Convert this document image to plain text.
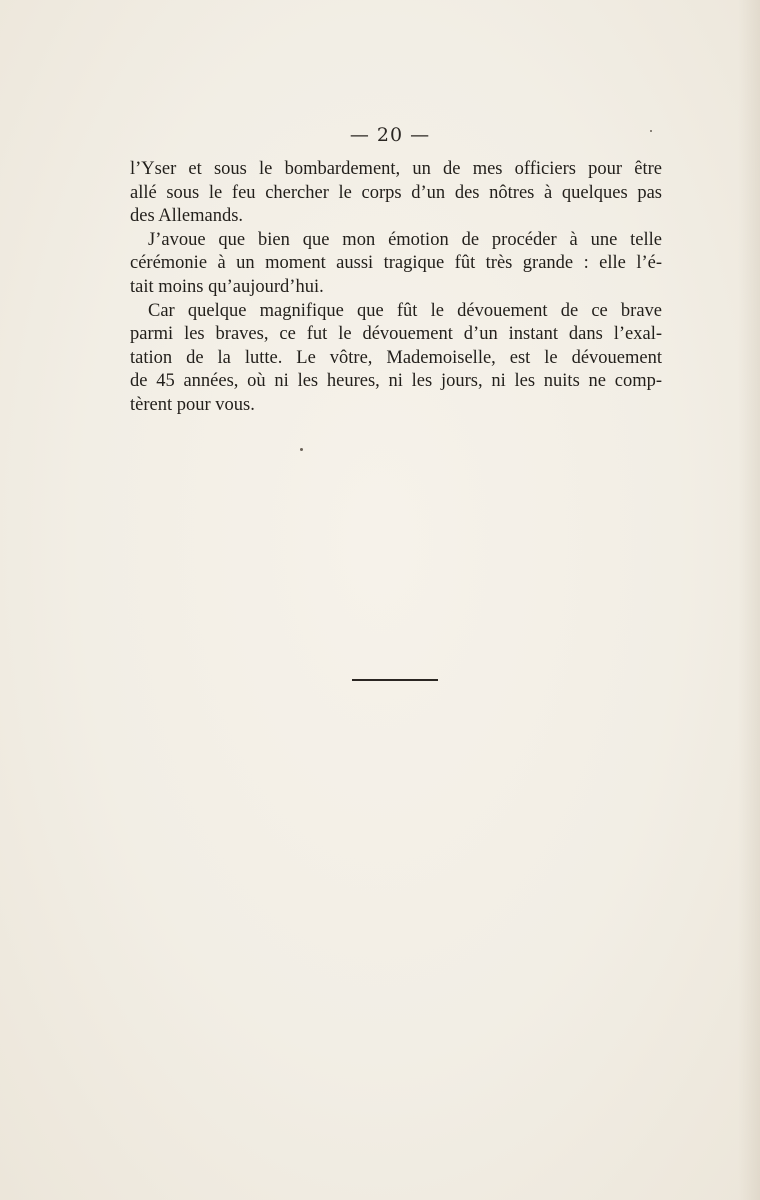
— 20 —
l’Yser et sous le bombardement, un de mes officiers pour être
allé sous le feu chercher le corps d’un des nôtres à quelques pas
des Allemands.
J’avoue que bien que mon émotion de procéder à une telle
cérémonie à un moment aussi tragique fût très grande : elle l’é-
tait moins qu’aujourd’hui.
Car quelque magnifique que fût le dévouement de ce brave
parmi les braves, ce fut le dévouement d’un instant dans l’exal-
tation de la lutte. Le vôtre, Mademoiselle, est le dévouement
de 45 années, où ni les heures, ni les jours, ni les nuits ne comp-
tèrent pour vous.
